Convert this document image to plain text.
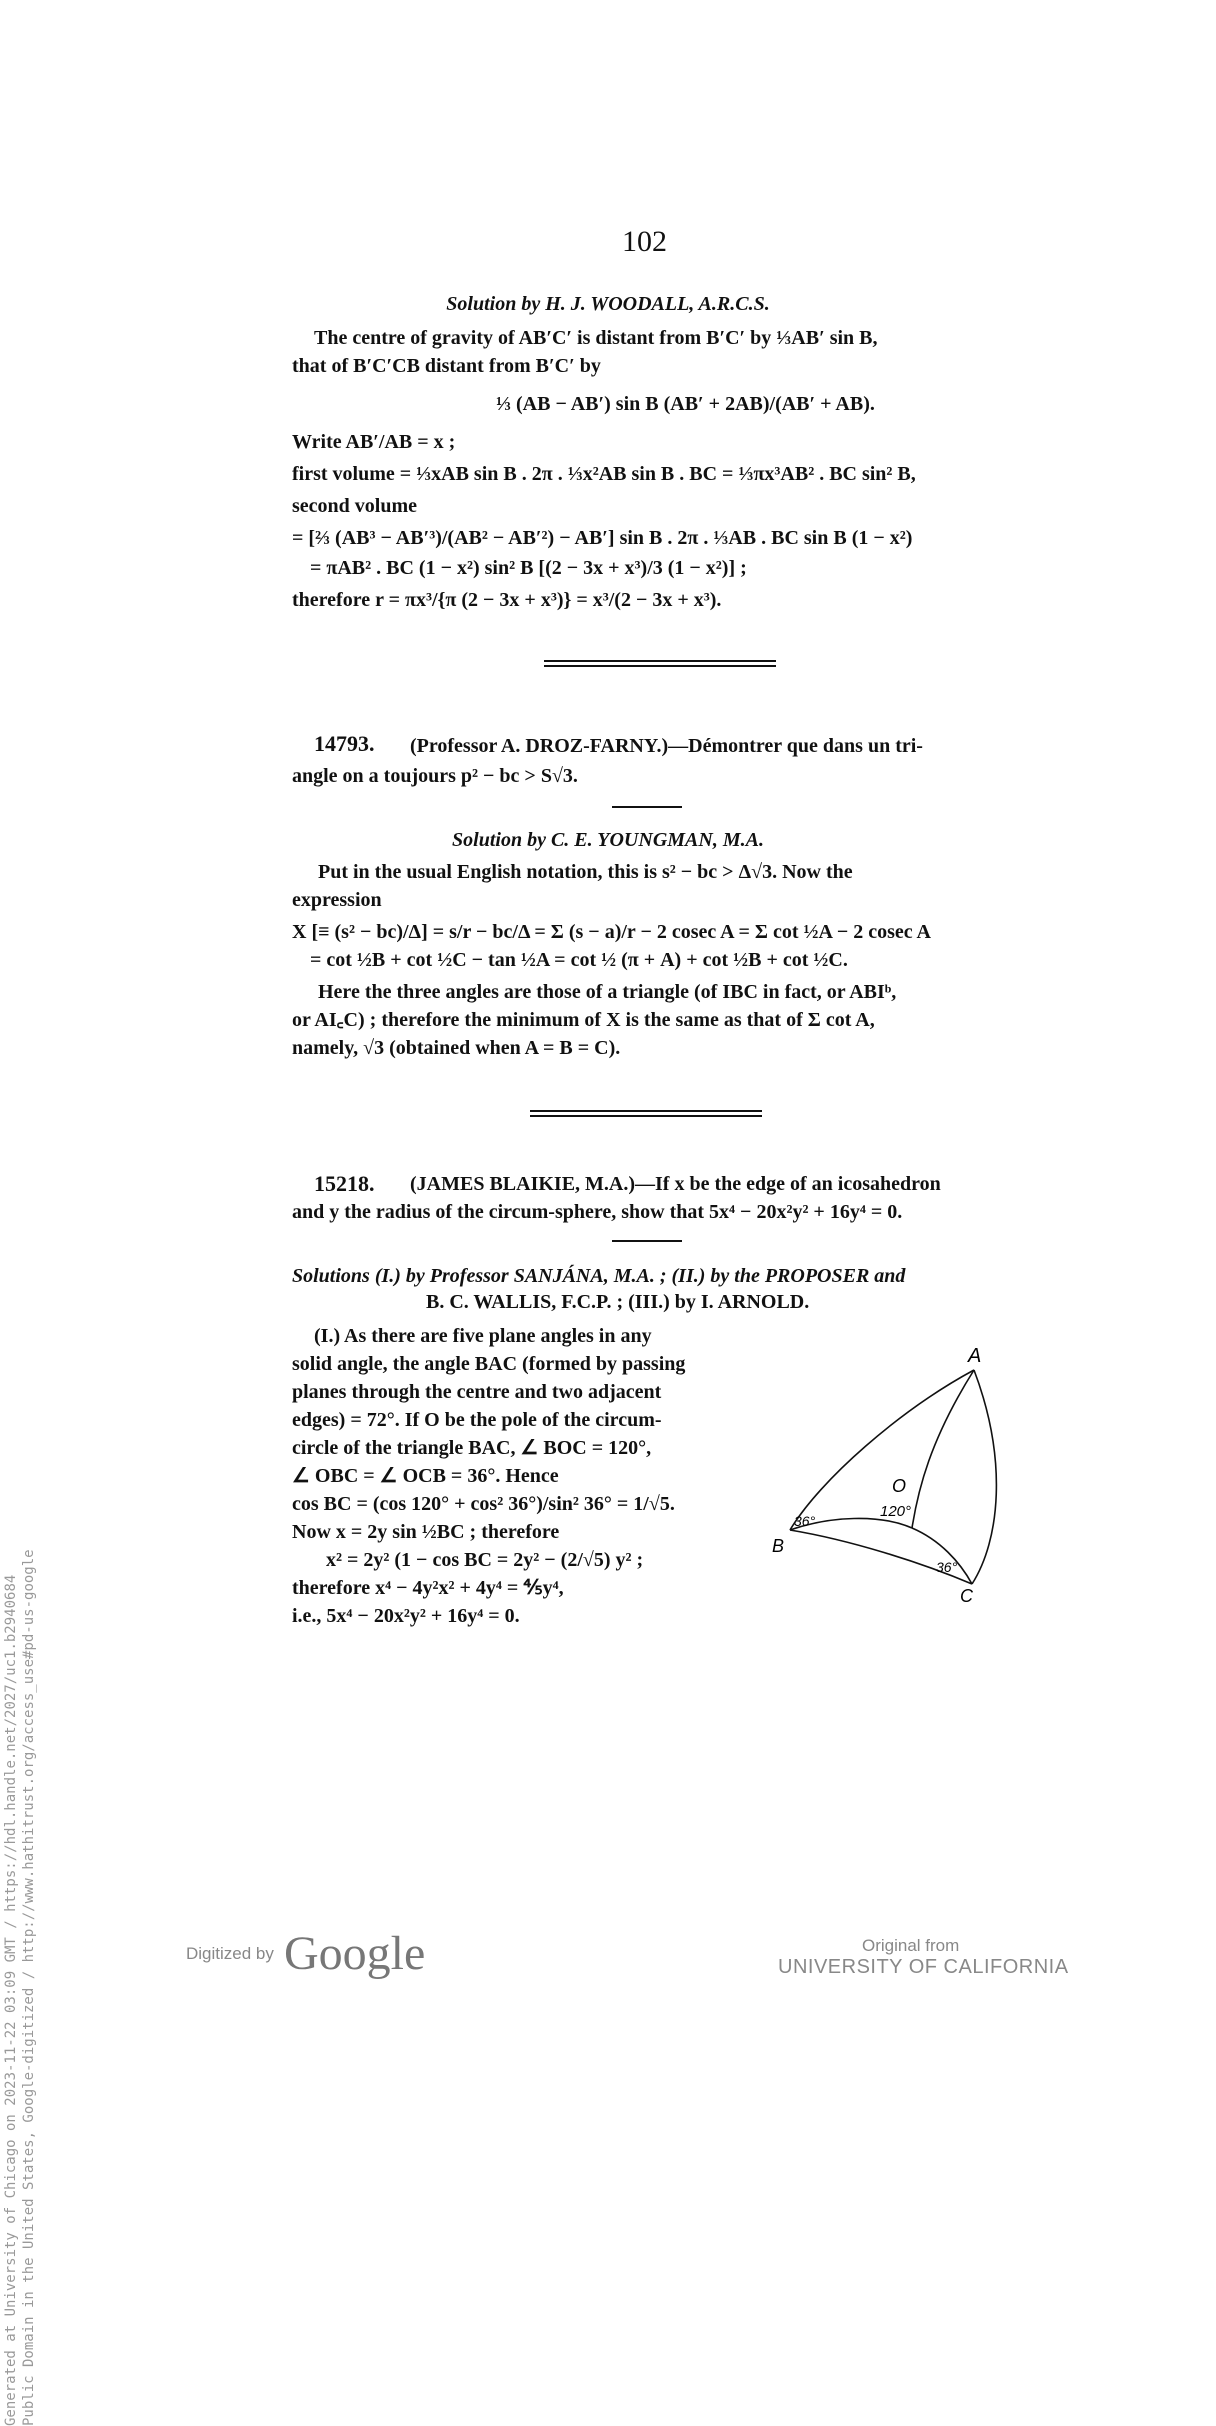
102
Solution by H. J. WOODALL, A.R.C.S.
The centre of gravity of AB′C′ is distant from B′C′ by ⅓AB′ sin B,
that of B′C′CB distant from B′C′ by
⅓ (AB − AB′) sin B (AB′ + 2AB)/(AB′ + AB).
Write AB′/AB = x ;
first volume = ⅓xAB sin B . 2π . ⅓x²AB sin B . BC = ⅓πx³AB² . BC sin² B,
second volume
= [⅔ (AB³ − AB′³)/(AB² − AB′²) − AB′] sin B . 2π . ⅓AB . BC sin B (1 − x²)
= πAB² . BC (1 − x²) sin² B [(2 − 3x + x³)/3 (1 − x²)] ;
therefore r = πx³/{π (2 − 3x + x³)} = x³/(2 − 3x + x³).
14793. (Professor A. DROZ-FARNY.)—Démontrer que dans un tri-
angle on a toujours p² − bc > S√3.
Solution by C. E. YOUNGMAN, M.A.
Put in the usual English notation, this is s² − bc > Δ√3. Now the
expression
X [≡ (s² − bc)/Δ] = s/r − bc/Δ = Σ (s − a)/r − 2 cosec A = Σ cot ½A − 2 cosec A
= cot ½B + cot ½C − tan ½A = cot ½ (π + A) + cot ½B + cot ½C.
Here the three angles are those of a triangle (of IBC in fact, or ABIᵇ,
or AI꜀C) ; therefore the minimum of X is the same as that of Σ cot A,
namely, √3 (obtained when A = B = C).
15218. (JAMES BLAIKIE, M.A.)—If x be the edge of an icosahedron
and y the radius of the circum-sphere, show that 5x⁴ − 20x²y² + 16y⁴ = 0.
Solutions (I.) by Professor SANJÁNA, M.A. ; (II.) by the PROPOSER and
B. C. WALLIS, F.C.P. ; (III.) by I. ARNOLD.
(I.) As there are five plane angles in any
solid angle, the angle BAC (formed by passing
planes through the centre and two adjacent
edges) = 72°. If O be the pole of the circum-
circle of the triangle BAC, ∠ BOC = 120°,
∠ OBC = ∠ OCB = 36°. Hence
cos BC = (cos 120° + cos² 36°)/sin² 36° = 1/√5.
Now x = 2y sin ½BC ; therefore
x² = 2y² (1 − cos BC = 2y² − (2/√5) y² ;
therefore x⁴ − 4y²x² + 4y⁴ = ⅘y⁴,
i.e., 5x⁴ − 20x²y² + 16y⁴ = 0.
A
O
B
C
120°
36°
36°
Generated at University of Chicago on 2023-11-22 03:09 GMT / https://hdl.handle.net/2027/uc1.b2940684 Public Domain in the United States, Google-digitized / http://www.hathitrust.org/access_use#pd-us-google	Digitized by Google	Original from
UNIVERSITY OF CALIFORNIA
